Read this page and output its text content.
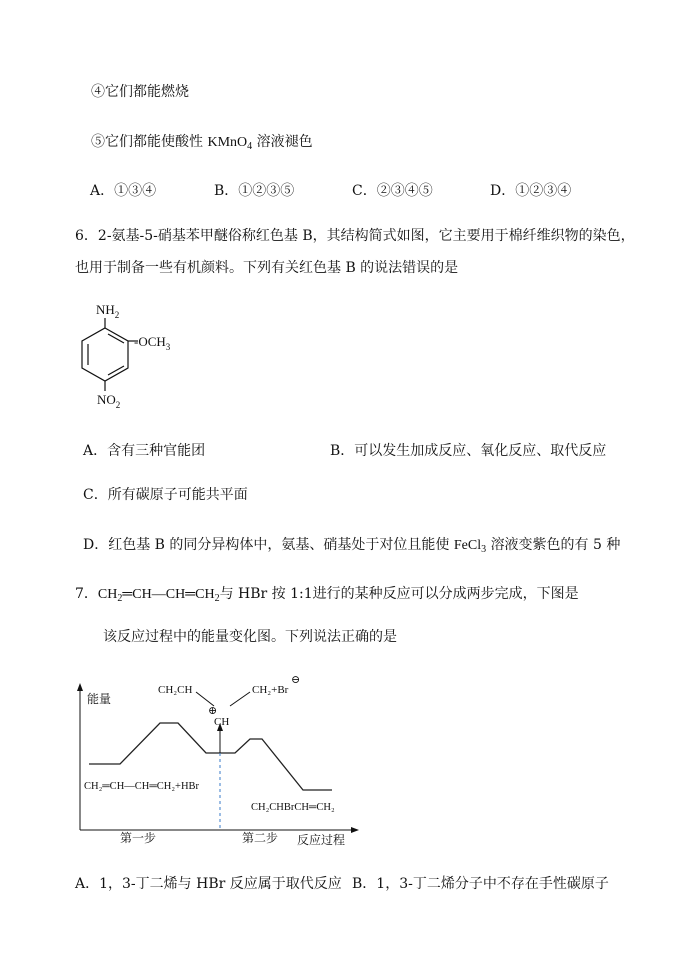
④它们都能燃烧
⑤它们都能使酸性 KMnO$_4$ 溶液褪色
A．①③④	B．①②③⑤	C．②③④⑤	D．①②③④
6．2-氨基-5-硝基苯甲醚俗称红色基 B，其结构简式如图，它主要用于棉纤维织物的染色，
也用于制备一些有机颜料。下列有关红色基 B 的说法错误的是
$NH_2$
$-OCH_3$
$NO_2$
A．含有三种官能团	B．可以发生加成反应、氧化反应、取代反应
C．所有碳原子可能共平面
D．红色基 B 的同分异构体中，氨基、硝基处于对位且能使 FeCl$_3$ 溶液变紫色的有 5 种
7．$CH_2═CH—CH═CH_2$与 HBr 按 1:1进行的某种反应可以分成两步完成，下图是
该反应过程中的能量变化图。下列说法正确的是
能量
反应过程
CH₂CH
⊕
CH
CH₂+Br
⊖
CH₂═CH—CH═CH₂+HBr
CH₂CHBrCH═CH₂
第一步	第二步
A．1，3-丁二烯与 HBr 反应属于取代反应 B．1，3-丁二烯分子中不存在手性碳原子
